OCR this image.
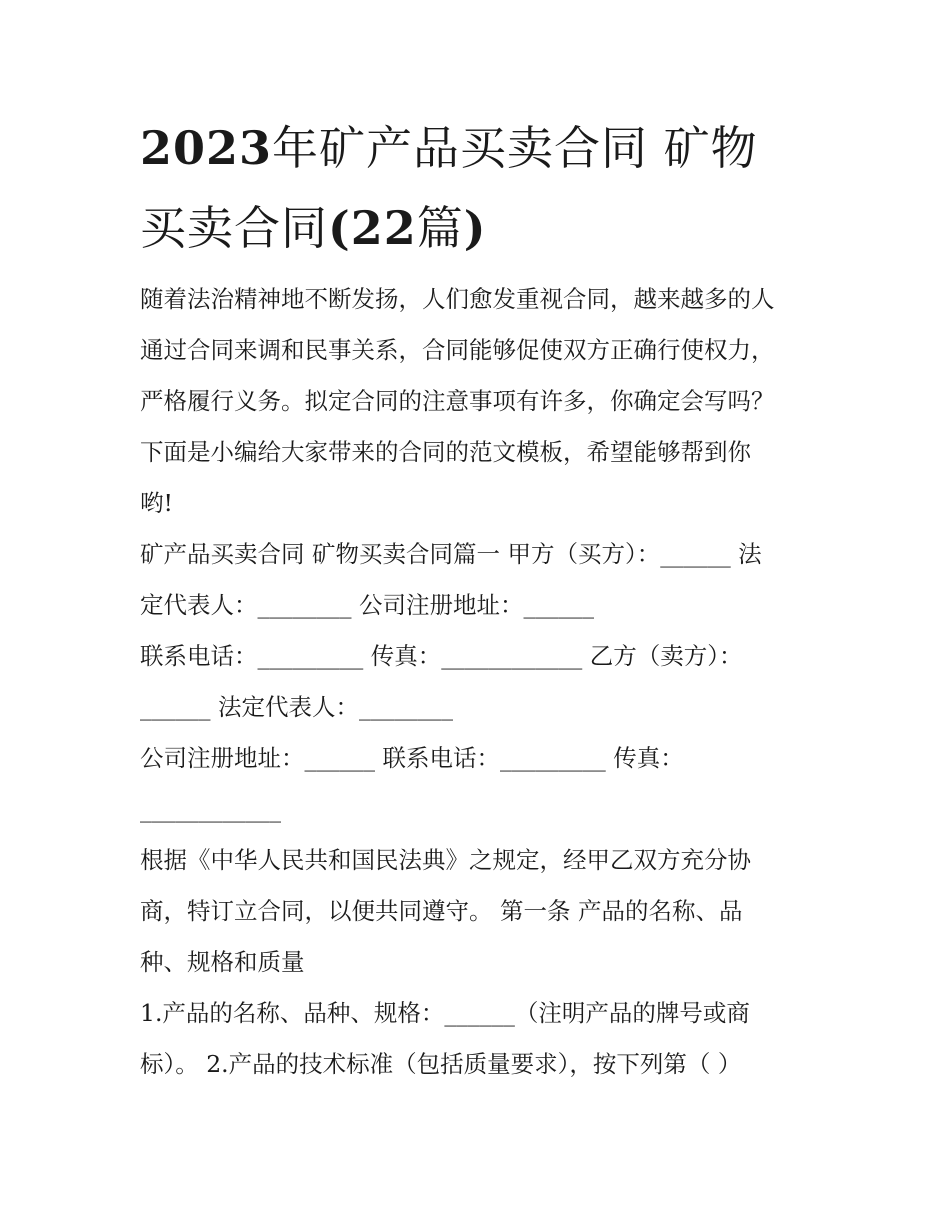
2023年矿产品买卖合同 矿物
买卖合同(22篇)
随着法治精神地不断发扬，人们愈发重视合同，越来越多的人
通过合同来调和民事关系，合同能够促使双方正确行使权力，
严格履行义务。拟定合同的注意事项有许多，你确定会写吗？
下面是小编给大家带来的合同的范文模板，希望能够帮到你
哟!
矿产品买卖合同 矿物买卖合同篇一 甲方（买方）：______ 法
定代表人：________ 公司注册地址：______
联系电话：_________ 传真：____________ 乙方（卖方）：
______ 法定代表人：________
公司注册地址：______ 联系电话：_________ 传真：
____________
根据《中华人民共和国民法典》之规定，经甲乙双方充分协
商，特订立合同，以便共同遵守。 第一条 产品的名称、品
种、规格和质量
1.产品的名称、品种、规格：______（注明产品的牌号或商
标）。 2.产品的技术标准（包括质量要求），按下列第（ ）
